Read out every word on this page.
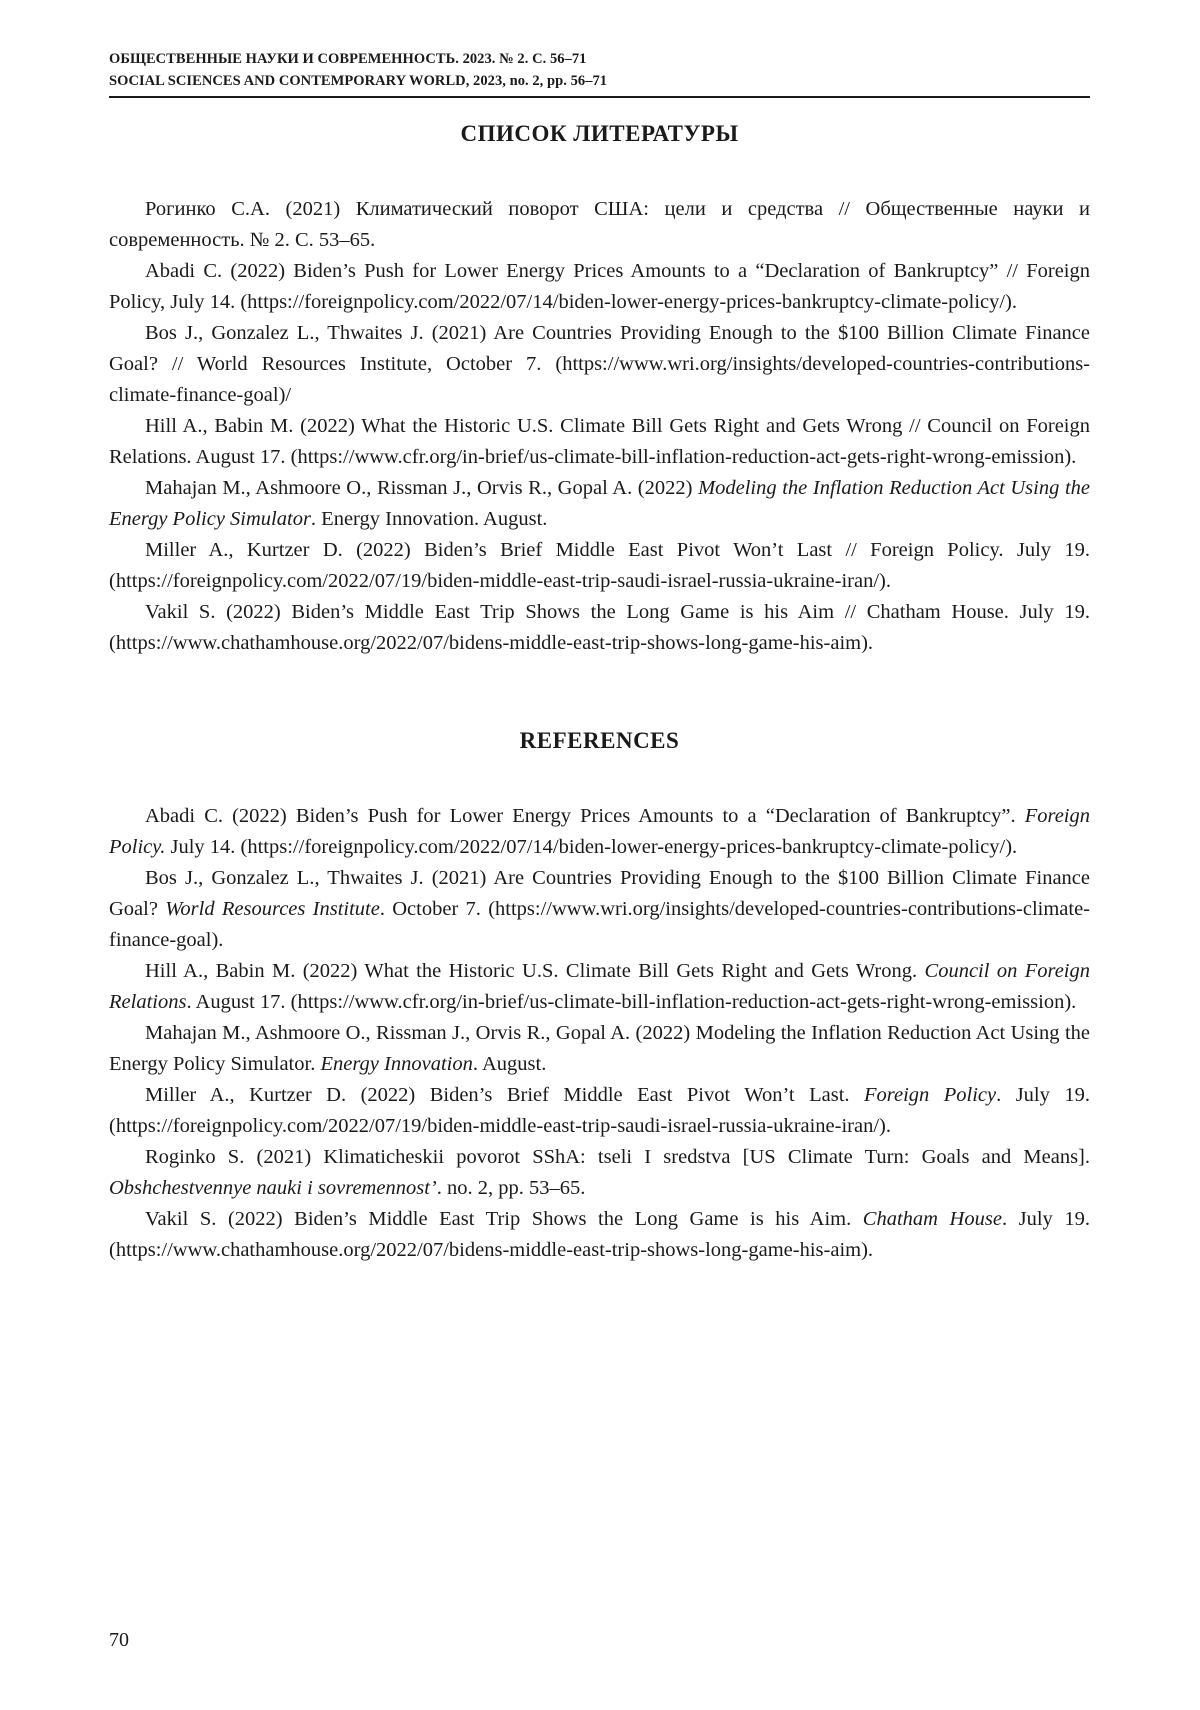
ОБЩЕСТВЕННЫЕ НАУКИ И СОВРЕМЕННОСТЬ. 2023. № 2. С. 56–71
SOCIAL SCIENCES AND CONTEMPORARY WORLD, 2023, no. 2, pp. 56–71
СПИСОК ЛИТЕРАТУРЫ

Рогинко С.А. (2021) Климатический поворот США: цели и средства // Общественные науки и современность. № 2. С. 53–65.

Abadi C. (2022) Biden’s Push for Lower Energy Prices Amounts to a “Declaration of Bankruptcy” // Foreign Policy, July 14. (https://foreignpolicy.com/2022/07/14/biden-lower-energy-prices-bankruptcy-climate-policy/).

Bos J., Gonzalez L., Thwaites J. (2021) Are Countries Providing Enough to the $100 Billion Climate Finance Goal? // World Resources Institute, October 7. (https://www.wri.org/insights/developed-countries-contributions-climate-finance-goal)/

Hill A., Babin M. (2022) What the Historic U.S. Climate Bill Gets Right and Gets Wrong // Council on Foreign Relations. August 17. (https://www.cfr.org/in-brief/us-climate-bill-inflation-reduction-act-gets-right-wrong-emission).

Mahajan M., Ashmoore O., Rissman J., Orvis R., Gopal A. (2022) Modeling the Inflation Reduction Act Using the Energy Policy Simulator. Energy Innovation. August.

Miller A., Kurtzer D. (2022) Biden’s Brief Middle East Pivot Won’t Last // Foreign Policy. July 19. (https://foreignpolicy.com/2022/07/19/biden-middle-east-trip-saudi-israel-russia-ukraine-iran/).

Vakil S. (2022) Biden’s Middle East Trip Shows the Long Game is his Aim // Chatham House. July 19. (https://www.chathamhouse.org/2022/07/bidens-middle-east-trip-shows-long-game-his-aim).

REFERENCES

Abadi C. (2022) Biden’s Push for Lower Energy Prices Amounts to a “Declaration of Bankruptcy”. Foreign Policy. July 14. (https://foreignpolicy.com/2022/07/14/biden-lower-energy-prices-bankruptcy-climate-policy/).

Bos J., Gonzalez L., Thwaites J. (2021) Are Countries Providing Enough to the $100 Billion Climate Finance Goal? World Resources Institute. October 7. (https://www.wri.org/insights/developed-countries-contributions-climate-finance-goal).

Hill A., Babin M. (2022) What the Historic U.S. Climate Bill Gets Right and Gets Wrong. Council on Foreign Relations. August 17. (https://www.cfr.org/in-brief/us-climate-bill-inflation-reduction-act-gets-right-wrong-emission).

Mahajan M., Ashmoore O., Rissman J., Orvis R., Gopal A. (2022) Modeling the Inflation Reduction Act Using the Energy Policy Simulator. Energy Innovation. August.

Miller A., Kurtzer D. (2022) Biden’s Brief Middle East Pivot Won’t Last. Foreign Policy. July 19. (https://foreignpolicy.com/2022/07/19/biden-middle-east-trip-saudi-israel-russia-ukraine-iran/).

Roginko S. (2021) Klimaticheskii povorot SShA: tseli I sredstva [US Climate Turn: Goals and Means]. Obshchestvennye nauki i sovremennost’. no. 2, pp. 53–65.

Vakil S. (2022) Biden’s Middle East Trip Shows the Long Game is his Aim. Chatham House. July 19. (https://www.chathamhouse.org/2022/07/bidens-middle-east-trip-shows-long-game-his-aim).

70
